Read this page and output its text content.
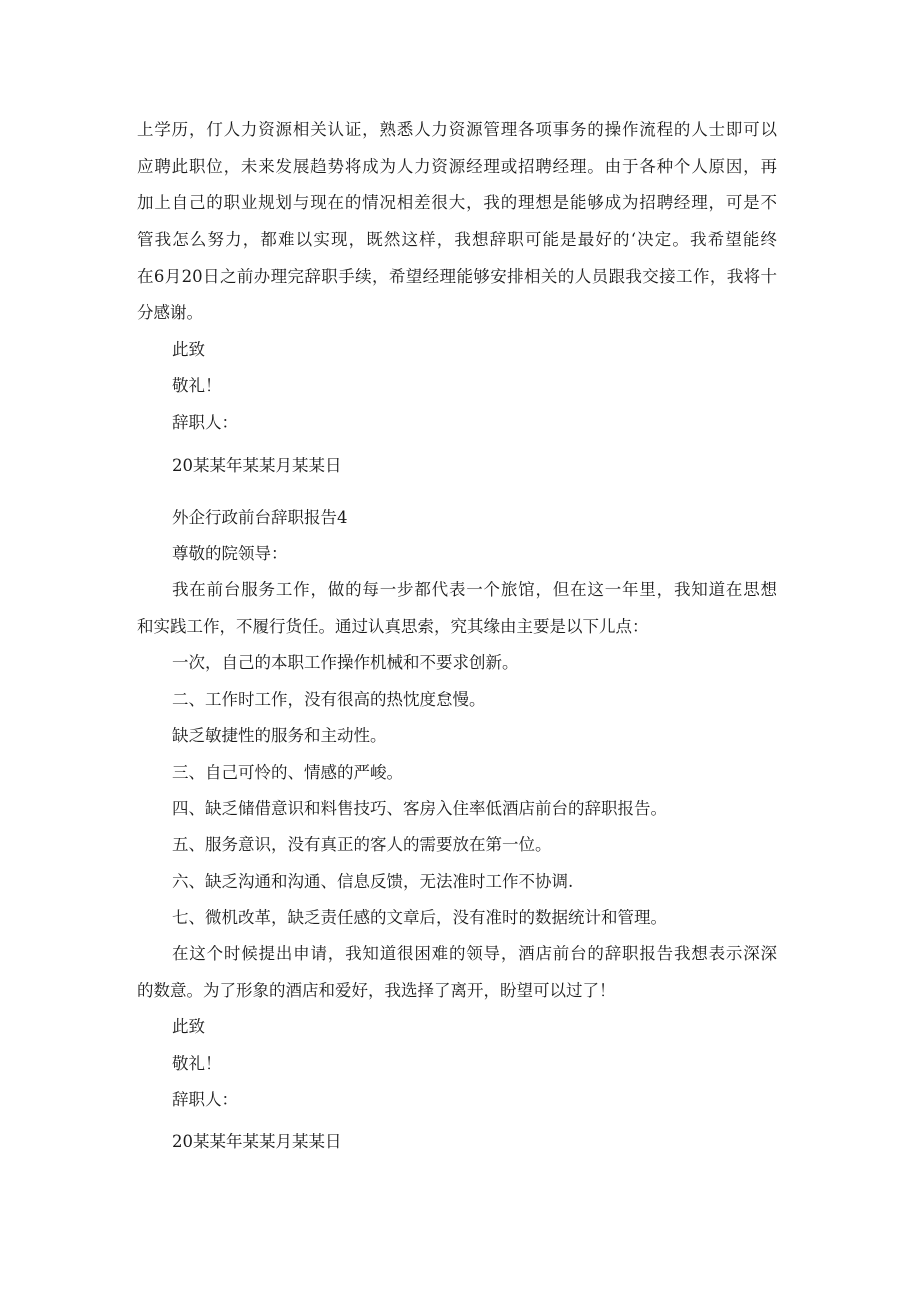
上学历，仃人力资源相关认证，熟悉人力资源管理各项事务的操作流程的人士即可以

应聘此职位，未来发展趋势将成为人力资源经理或招聘经理。由于各种个人原因，再

加上自己的职业规划与现在的情况相差很大，我的理想是能够成为招聘经理，可是不

管我怎么努力，都难以实现，既然这样，我想辞职可能是最好的‘决定。我希望能终

在6月20日之前办理完辞职手续，希望经理能够安排相关的人员跟我交接工作，我将十

分感谢。

此致

敬礼！

辞职人：

20某某年某某月某某日

外企行政前台辞职报告4

尊敬的院领导：

我在前台服务工作，做的每一步都代表一个旅馆，但在这一年里，我知道在思想

和实践工作，不履行货任。通过认真思索，究其缘由主要是以下儿点：

一次，自己的本职工作操作机械和不要求创新。

二、工作时工作，没有很高的热忱度怠慢。

缺乏敏捷性的服务和主动性。

三、自己可怜的、情感的严峻。

四、缺乏储借意识和料售技巧、客房入住率低酒店前台的辞职报告。

五、服务意识，没有真正的客人的需要放在第一位。

六、缺乏沟通和沟通、信息反馈，无法准时工作不协调.

七、微机改革，缺乏责任感的文章后，没有准时的数据统计和管理。

在这个时候提出申请，我知道很困难的领导，酒店前台的辞职报告我想表示深深

的数意。为了形象的酒店和爱好，我选择了离开，盼望可以过了！

此致

敬礼！

辞职人：

20某某年某某月某某日
